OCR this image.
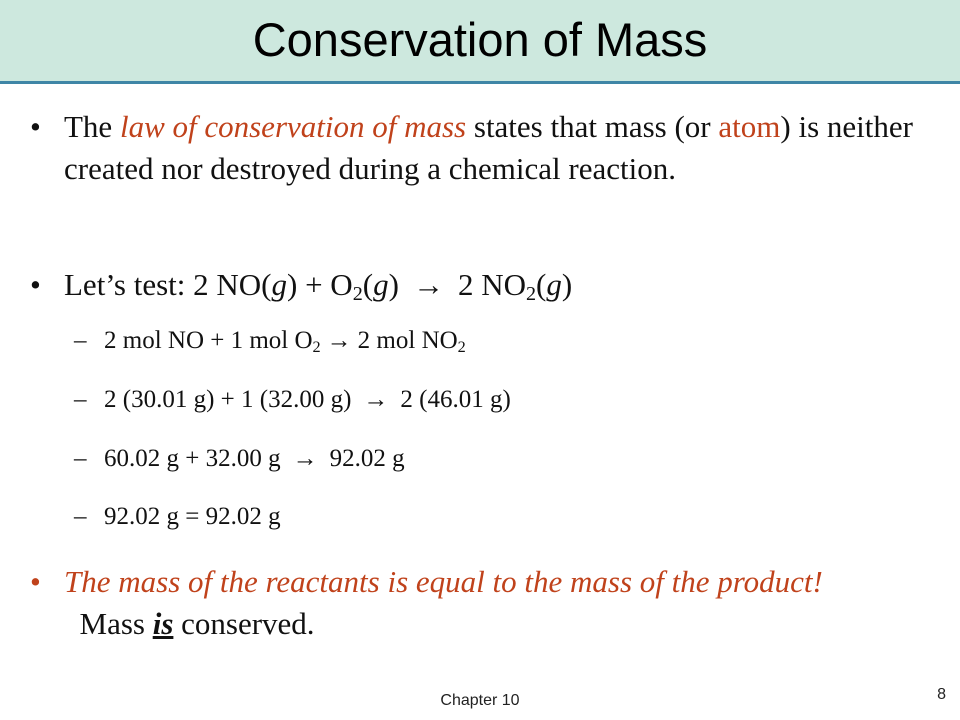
Conservation of Mass
• The law of conservation of mass states that mass (or atom) is neither created nor destroyed during a chemical reaction.
• Let’s test: 2 $NO(g) + O_2(g) \to 2$ $NO_2(g)$
– 2 mol NO + 1 mol $O_2 \to 2$ mol $NO_2$
– 2 (30.01 g) + 1 (32.00 g) → 2 (46.01 g)
– 60.02 g + 32.00 g → 92.02 g
– 92.02 g = 92.02 g
• The mass of the reactants is equal to the mass of the product!  Mass is conserved.
Chapter 10	8
